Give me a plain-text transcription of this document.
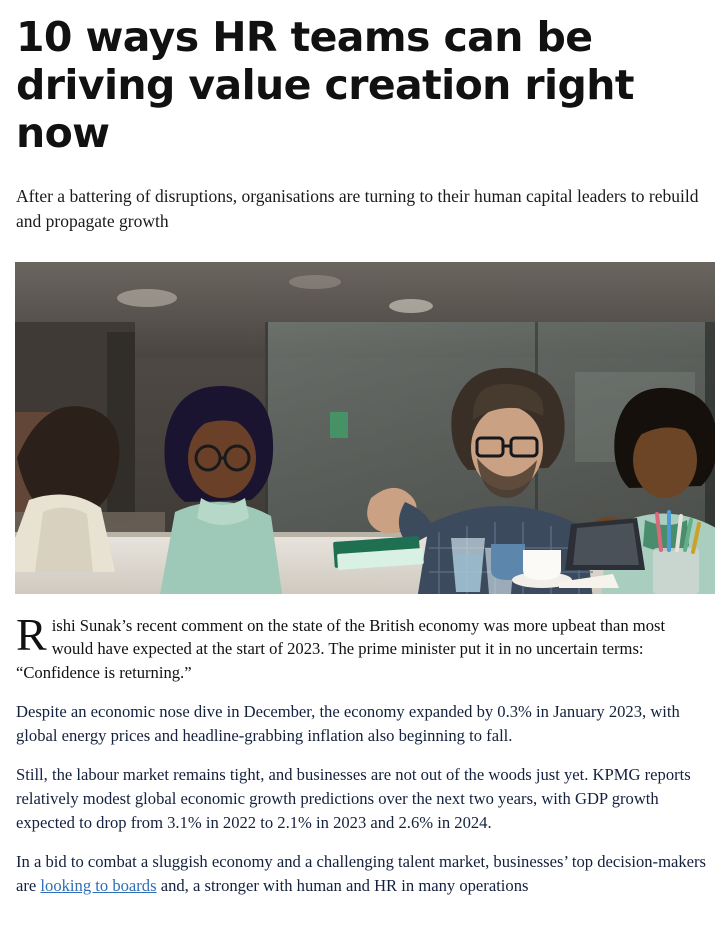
10 ways HR teams can be driving value creation right now

After a battering of disruptions, organisations are turning to their human capital leaders to rebuild and propagate growth

Rishi Sunak’s recent comment on the state of the British economy was more upbeat than most would have expected at the start of 2023. The prime minister put it in no uncertain terms: “Confidence is returning.”

Despite an economic nose dive in December, the economy expanded by 0.3% in January 2023, with global energy prices and headline-grabbing inflation also beginning to fall.

Still, the labour market remains tight, and businesses are not out of the woods just yet. KPMG reports relatively modest global economic growth predictions over the next two years, with GDP growth expected to drop from 3.1% in 2022 to 2.1% in 2023 and 2.6% in 2024.

In a bid to combat a sluggish economy and a challenging talent market, businesses’ top decision-makers are looking to boards and, a stronger with human and HR in many operations
